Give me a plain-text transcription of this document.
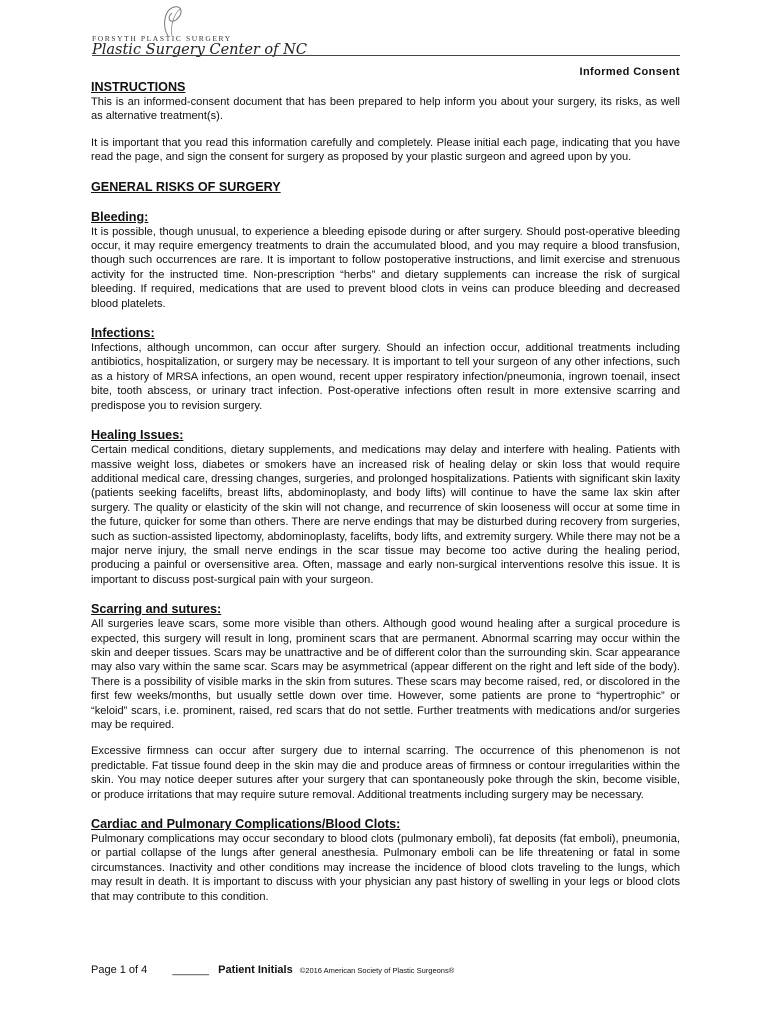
FORSYTH PLASTIC SURGERY
Plastic Surgery Center of NC
Informed Consent
INSTRUCTIONS

This is an informed-consent document that has been prepared to help inform you about your surgery, its risks, as well as alternative treatment(s).

It is important that you read this information carefully and completely. Please initial each page, indicating that you have read the page, and sign the consent for surgery as proposed by your plastic surgeon and agreed upon by you.

GENERAL RISKS OF SURGERY
Bleeding:

It is possible, though unusual, to experience a bleeding episode during or after surgery. Should post-operative bleeding occur, it may require emergency treatments to drain the accumulated blood, and you may require a blood transfusion, though such occurrences are rare. It is important to follow postoperative instructions, and limit exercise and strenuous activity for the instructed time. Non-prescription “herbs” and dietary supplements can increase the risk of surgical bleeding. If required, medications that are used to prevent blood clots in veins can produce bleeding and decreased blood platelets.

Infections:

Infections, although uncommon, can occur after surgery. Should an infection occur, additional treatments including antibiotics, hospitalization, or surgery may be necessary. It is important to tell your surgeon of any other infections, such as a history of MRSA infections, an open wound, recent upper respiratory infection/pneumonia, ingrown toenail, insect bite, tooth abscess, or urinary tract infection. Post-operative infections often result in more extensive scarring and predispose you to revision surgery.

Healing Issues:

Certain medical conditions, dietary supplements, and medications may delay and interfere with healing. Patients with massive weight loss, diabetes or smokers have an increased risk of healing delay or skin loss that would require additional medical care, dressing changes, surgeries, and prolonged hospitalizations. Patients with significant skin laxity (patients seeking facelifts, breast lifts, abdominoplasty, and body lifts) will continue to have the same lax skin after surgery. The quality or elasticity of the skin will not change, and recurrence of skin looseness will occur at some time in the future, quicker for some than others. There are nerve endings that may be disturbed during recovery from surgeries, such as suction-assisted lipectomy, abdominoplasty, facelifts, body lifts, and extremity surgery. While there may not be a major nerve injury, the small nerve endings in the scar tissue may become too active during the healing period, producing a painful or oversensitive area. Often, massage and early non-surgical interventions resolve this issue. It is important to discuss post-surgical pain with your surgeon.

Scarring and sutures:

All surgeries leave scars, some more visible than others. Although good wound healing after a surgical procedure is expected, this surgery will result in long, prominent scars that are permanent. Abnormal scarring may occur within the skin and deeper tissues. Scars may be unattractive and be of different color than the surrounding skin. Scar appearance may also vary within the same scar. Scars may be asymmetrical (appear different on the right and left side of the body). There is a possibility of visible marks in the skin from sutures. These scars may become raised, red, or discolored in the first few weeks/months, but usually settle down over time. However, some patients are prone to “hypertrophic” or “keloid” scars, i.e. prominent, raised, red scars that do not settle. Further treatments with medications and/or surgeries may be required.

Excessive firmness can occur after surgery due to internal scarring. The occurrence of this phenomenon is not predictable. Fat tissue found deep in the skin may die and produce areas of firmness or contour irregularities within the skin. You may notice deeper sutures after your surgery that can spontaneously poke through the skin, become visible, or produce irritations that may require suture removal. Additional treatments including surgery may be necessary.

Cardiac and Pulmonary Complications/Blood Clots:

Pulmonary complications may occur secondary to blood clots (pulmonary emboli), fat deposits (fat emboli), pneumonia, or partial collapse of the lungs after general anesthesia. Pulmonary emboli can be life threatening or fatal in some circumstances. Inactivity and other conditions may increase the incidence of blood clots traveling to the lungs, which may result in death. It is important to discuss with your physician any past history of swelling in your legs or blood clots that may contribute to this condition.

Page 1 of 4 ______ Patient Initials ©2016 American Society of Plastic Surgeons®
